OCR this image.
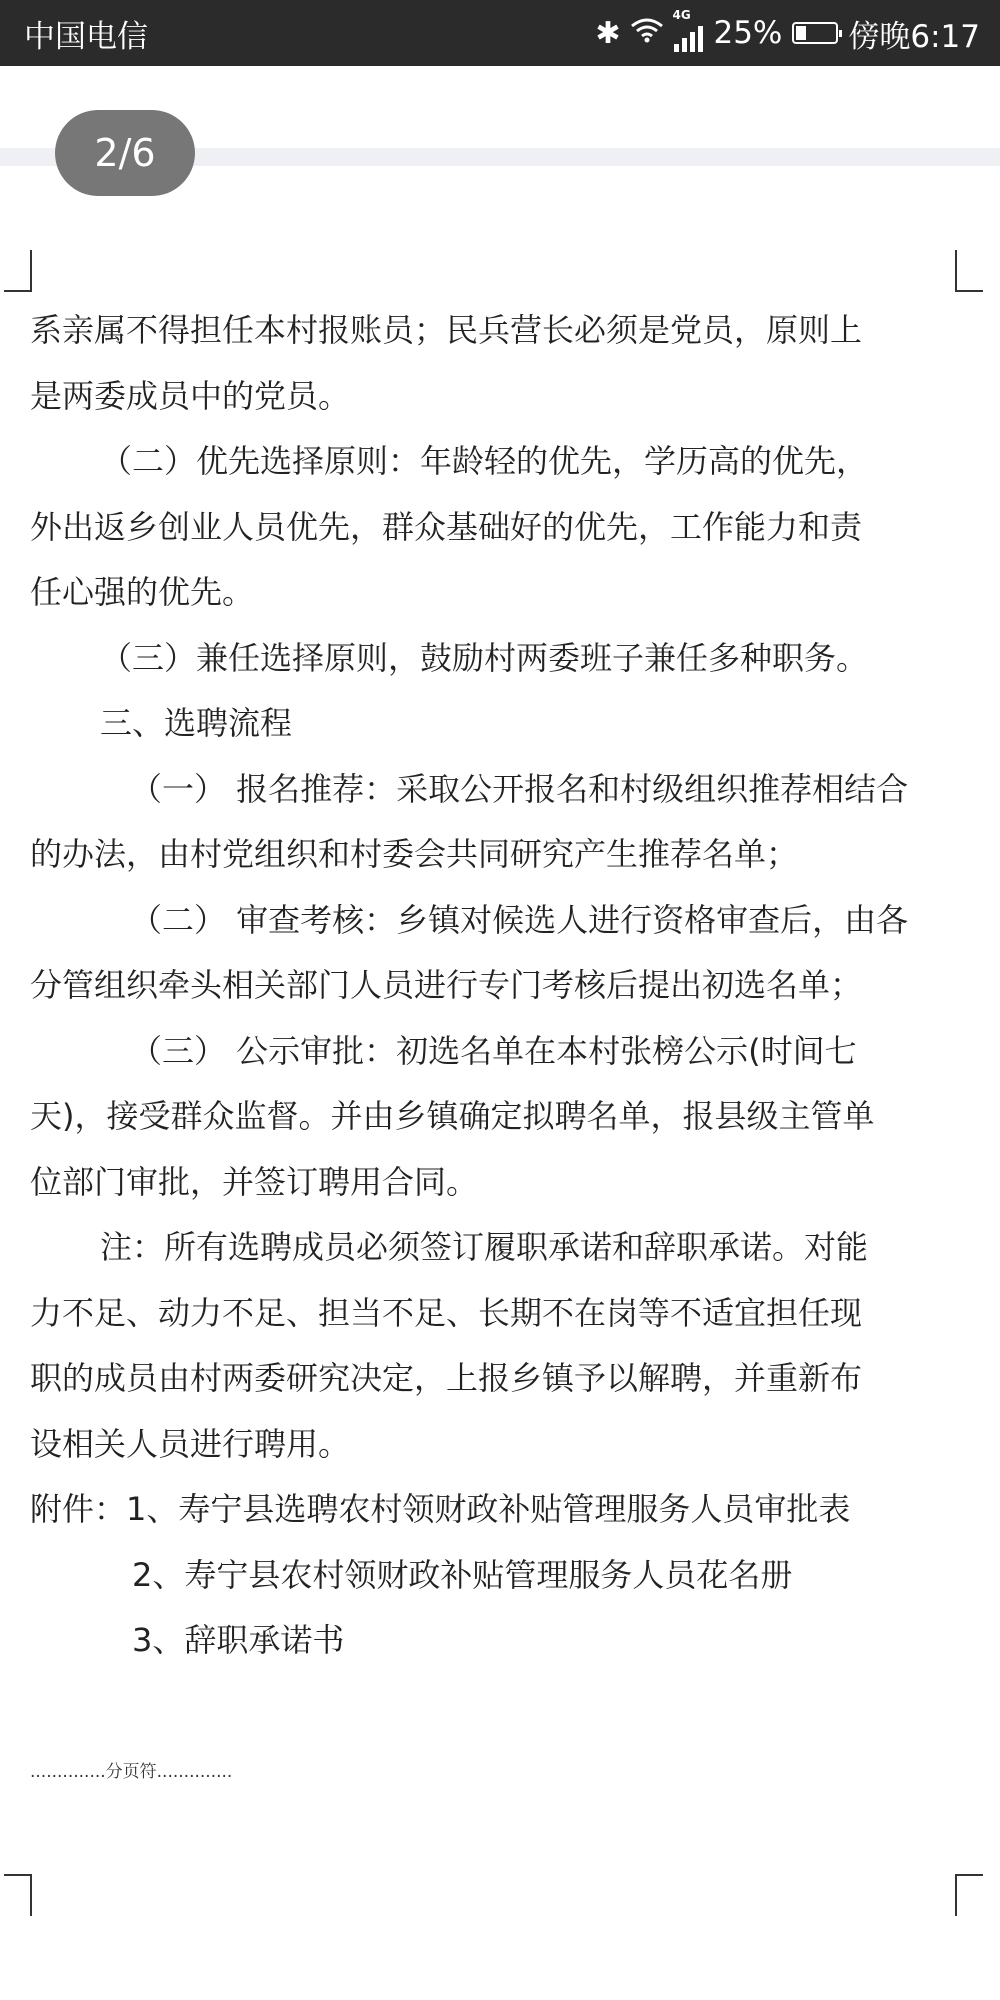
中国电信	✱
4G 25% 傍晚6:17
2/6
系亲属不得担任本村报账员；民兵营长必须是党员，原则上
是两委成员中的党员。
（二）优先选择原则：年龄轻的优先，学历高的优先，
外出返乡创业人员优先，群众基础好的优先，工作能力和责
任心强的优先。
（三）兼任选择原则，鼓励村两委班子兼任多种职务。
三、选聘流程
（一） 报名推荐：采取公开报名和村级组织推荐相结合
的办法，由村党组织和村委会共同研究产生推荐名单；
（二） 审查考核：乡镇对候选人进行资格审查后，由各
分管组织牵头相关部门人员进行专门考核后提出初选名单；
（三） 公示审批：初选名单在本村张榜公示(时间七
天)，接受群众监督。并由乡镇确定拟聘名单，报县级主管单
位部门审批，并签订聘用合同。
注：所有选聘成员必须签订履职承诺和辞职承诺。对能
力不足、动力不足、担当不足、长期不在岗等不适宜担任现
职的成员由村两委研究决定，上报乡镇予以解聘，并重新布
设相关人员进行聘用。
附件：1、寿宁县选聘农村领财政补贴管理服务人员审批表
2、寿宁县农村领财政补贴管理服务人员花名册
3、辞职承诺书
..............分页符..............
